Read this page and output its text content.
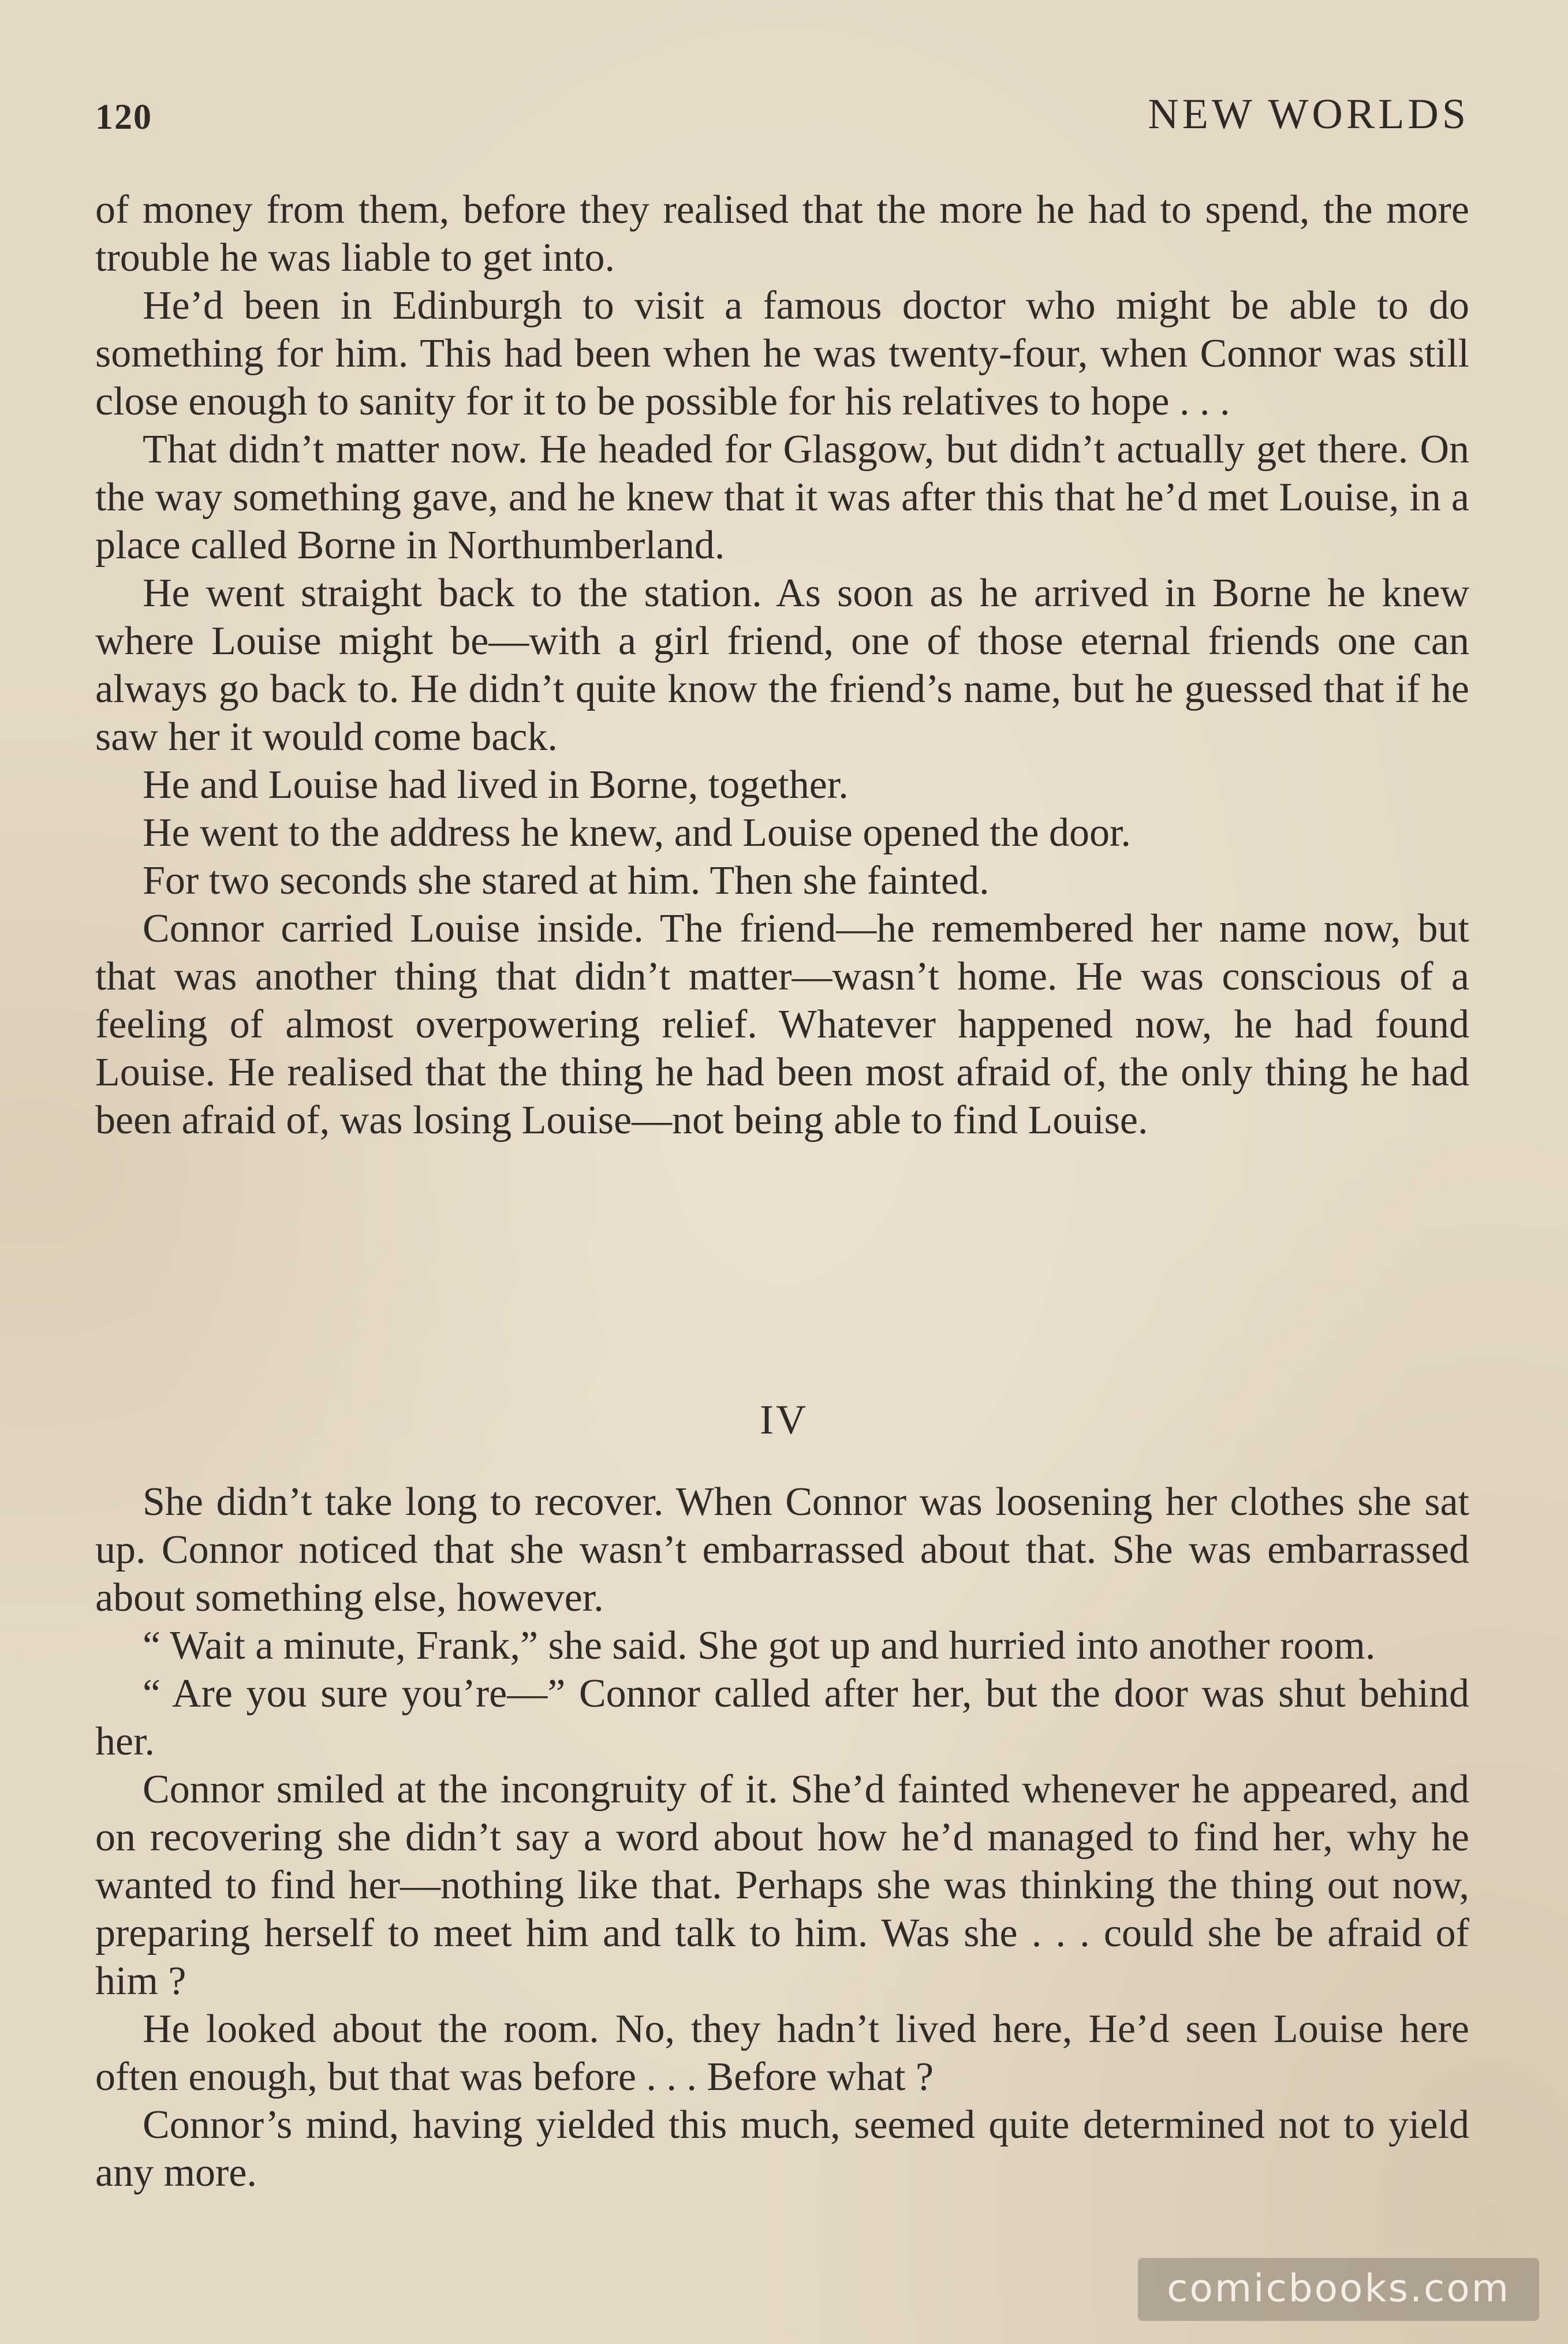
120	NEW WORLDS

of money from them, before they realised that the more he had to spend, the more trouble he was liable to get into.

He’d been in Edinburgh to visit a famous doctor who might be able to do something for him. This had been when he was twenty-four, when Connor was still close enough to sanity for it to be possible for his relatives to hope . . .

That didn’t matter now. He headed for Glasgow, but didn’t actually get there. On the way something gave, and he knew that it was after this that he’d met Louise, in a place called Borne in Northumberland.

He went straight back to the station. As soon as he arrived in Borne he knew where Louise might be—with a girl friend, one of those eternal friends one can always go back to. He didn’t quite know the friend’s name, but he guessed that if he saw her it would come back.

He and Louise had lived in Borne, together.

He went to the address he knew, and Louise opened the door.

For two seconds she stared at him. Then she fainted.

Connor carried Louise inside. The friend—he remembered her name now, but that was another thing that didn’t matter—wasn’t home. He was conscious of a feeling of almost overpowering relief. Whatever happened now, he had found Louise. He realised that the thing he had been most afraid of, the only thing he had been afraid of, was losing Louise—not being able to find Louise.

IV

She didn’t take long to recover. When Connor was loosening her clothes she sat up. Connor noticed that she wasn’t embarrassed about that. She was embarrassed about something else, however.

“ Wait a minute, Frank,” she said. She got up and hurried into another room.

“ Are you sure you’re—” Connor called after her, but the door was shut behind her.

Connor smiled at the incongruity of it. She’d fainted whenever he appeared, and on recovering she didn’t say a word about how he’d managed to find her, why he wanted to find her—nothing like that. Perhaps she was thinking the thing out now, preparing herself to meet him and talk to him. Was she . . . could she be afraid of him ?

He looked about the room. No, they hadn’t lived here, He’d seen Louise here often enough, but that was before . . . Before what ?

Connor’s mind, having yielded this much, seemed quite determined not to yield any more.

comicbooks.com
